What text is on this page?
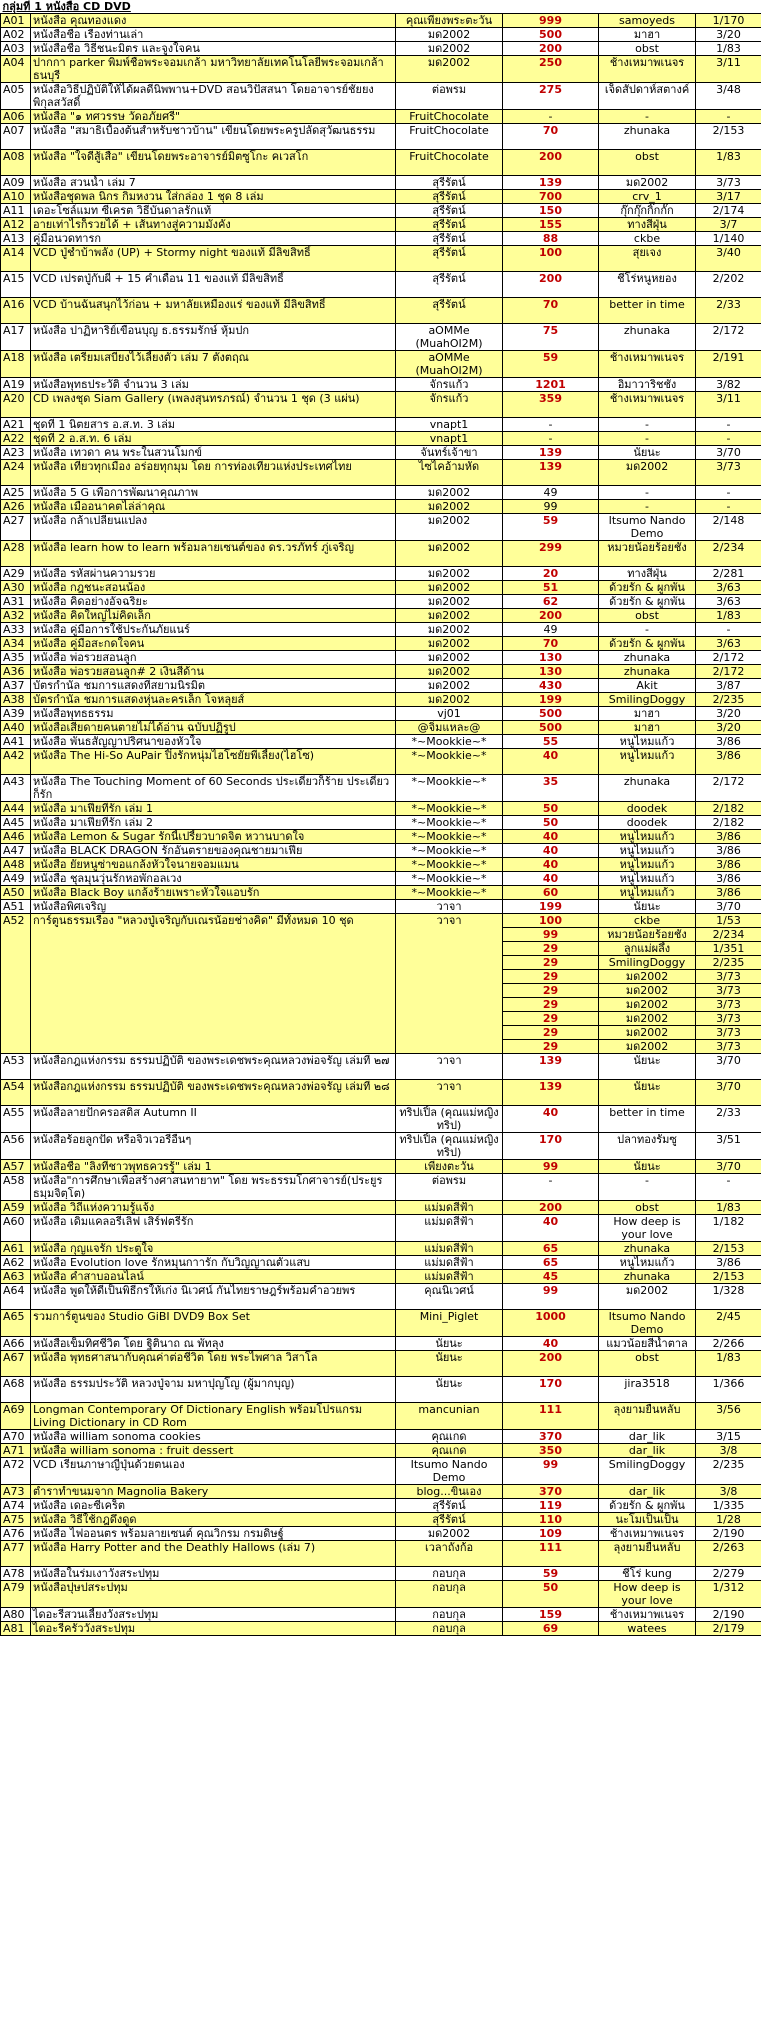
กลุ่มที่ 1 หนังสือ CD DVD					
A01	หนังสือ คุณทองแดง	คุณเพียงพระตะวัน	999	samoyeds	1/170
A02	หนังสือชื่อ เรื่องท่านเล่า	มด2002	500	มาฮา	3/20
A03	หนังสือชื่อ วิธีชนะมิตร และจูงใจคน	มด2002	200	obst	1/83
A04	ปากกา parker พิมพ์ชื่อพระจอมเกล้า มหาวิทยาลัยเทคโนโลยีพระจอมเกล้าธนบุรี	มด2002	250	ช้างเหมาพเนจร	3/11
A05	หนังสือวิธีปฏิบัติให้ได้ผลดีนิพพาน+DVD สอนวิปัสสนา โดยอาจารย์ชัยยง พิกุลสวัสดิ์	ต่อพรม	275	เจ็ดสัปดาห์สตางค์	3/48
A06	หนังสือ "๑ ทศวรรษ วัดอภัยศรี"	FruitChocolate	-	-	-
A07	หนังสือ "สมาธิเบื้องต้นสำหรับชาวบ้าน" เขียนโดยพระครูปลัดสุวัฒนธรรม	FruitChocolate	70	zhunaka	2/153
A08	หนังสือ "ใจดีสู้เสือ" เขียนโดยพระอาจารย์มิตซูโกะ คเวสโก	FruitChocolate	200	obst	1/83
A09	หนังสือ สวนน้ำ เล่ม 7	สุรีรัตน์	139	มด2002	3/73
A10	หนังสือชุดพล นิกร กิมหงวน ใส่กล่อง 1 ชุด 8 เล่ม	สุรีรัตน์	700	crv_1	3/17
A11	เดอะโซล์แมท ซีเครต วิธีบันดาลรักแท้	สุรีรัตน์	150	กุ๊กกุ๊กกิ๊กกั๊ก	2/174
A12	อายเท่าไรก็รวยได้ + เส้นทางสู่ความมั่งคั่ง	สุรีรัตน์	155	ทางสีฝุ่น	3/7
A13	คู่มือนวดทารก	สุรีรัตน์	88	ckbe	1/140
A14	VCD ปู่ชำบ้าพลัง (UP) + Stormy night ของแท้ มีลิขสิทธิ์	สุรีรัตน์	100	สุยเจง	3/40
A15	VCD เปรตปู่กับผี + 15 ค่ำเดือน 11 ของแท้ มีลิขสิทธิ์	สุรีรัตน์	200	ชีโร่หนูหยอง	2/202
A16	VCD บ้านฉันสนุกไว้ก่อน + มหาลัยเหมืองแร่ ของแท้ มีลิขสิทธิ์	สุรีรัตน์	70	better in time	2/33
A17	หนังสือ ปาฏิหาริย์เขื่อนบุญ ธ.ธรรมรักษ์ หุ้มปก	aOMMe (MuahOI2M)	75	zhunaka	2/172
A18	หนังสือ เตรียมเสบียงไว้เลี้ยงตัว เล่ม 7 ตังตฤณ	aOMMe (MuahOI2M)	59	ช้างเหมาพเนจร	2/191
A19	หนังสือพุทธประวัติ จำนวน 3 เล่ม	จักรแก้ว	1201	อิมาวาริชชัง	3/82
A20	CD เพลงชุด Siam Gallery (เพลงสุนทรภรณ์) จำนวน 1 ชุด (3 แผ่น)	จักรแก้ว	359	ช้างเหมาพเนจร	3/11
A21	ชุดที่ 1 นิตยสาร อ.ส.ท. 3 เล่ม	vnapt1	-	-	-
A22	ชุดที่ 2 อ.ส.ท. 6 เล่ม	vnapt1	-	-	-
A23	หนังสือ เทวดา คน พระในสวนโมกข์	จันทร์เจ้าขา	139	นัยนะ	3/70
A24	หนังสือ เที่ยวทุกเมือง อร่อยทุกมุม โดย การท่องเที่ยวแห่งประเทศไทย	ไซไคอ้ามหัด	139	มด2002	3/73
A25	หนังสือ 5 G เพื่อการพัฒนาคุณภาพ	มด2002	49	-	-
A26	หนังสือ เมื่ออนาคตไล่ล่าคุณ	มด2002	99	-	-
A27	หนังสือ กล้าเปลี่ยนแปลง	มด2002	59	Itsumo Nando Demo	2/148
A28	หนังสือ learn how to learn พร้อมลายเซนต์ของ ดร.วรภัทร์ ภู่เจริญ	มด2002	299	หมวยน้อยร้อยชั่ง	2/234
A29	หนังสือ รหัสผ่านความรวย	มด2002	20	ทางสีฝุ่น	2/281
A30	หนังสือ กฎชนะสอนน้อง	มด2002	51	ด้วยรัก & ผูกพัน	3/63
A31	หนังสือ คิดอย่างอัจฉริยะ	มด2002	62	ด้วยรัก & ผูกพัน	3/63
A32	หนังสือ คิดใหญ่ไม่คิดเล็ก	มด2002	200	obst	1/83
A33	หนังสือ คู่มือการใช้ประกันภัยแนร์	มด2002	49	-	-
A34	หนังสือ คู่มือสะกดใจคน	มด2002	70	ด้วยรัก & ผูกพัน	3/63
A35	หนังสือ พ่อรวยสอนลูก	มด2002	130	zhunaka	2/172
A36	หนังสือ พ่อรวยสอนลูก# 2 เงินสี่ด้าน	มด2002	130	zhunaka	2/172
A37	บัตรกำนัล ชมการแสดงที่สยามนิรมิต	มด2002	430	Akit	3/87
A38	บัตรกำนัล ชมการแสดงหุ่นละครเล็ก โจหลุยส์	มด2002	199	SmilingDoggy	2/235
A39	หนังสือพุทธธรรม	vj01	500	มาฮา	3/20
A40	หนังสือเสียดายคนตายไม่ได้อ่าน ฉบับปฏิรูป	@จิ๋มแหละ@	500	มาฮา	3/20
A41	หนังสือ พันธสัญญาปริศนาของหัวใจ	*~Mookkie~*	55	หนูไหมแก้ว	3/86
A42	หนังสือ The Hi-So AuPair ปิ๊งรักหนุ่มไฮโซยัยพี่เลี้ยง(ไฮโซ)	*~Mookkie~*	40	หนูไหมแก้ว	3/86
A43	หนังสือ The Touching Moment of 60 Seconds ประเดี๋ยวก็ร้าย ประเดี๋ยวก็รัก	*~Mookkie~*	35	zhunaka	2/172
A44	หนังสือ มาเฟียที่รัก เล่ม 1	*~Mookkie~*	50	doodek	2/182
A45	หนังสือ มาเฟียที่รัก เล่ม 2	*~Mookkie~*	50	doodek	2/182
A46	หนังสือ Lemon & Sugar รักนี้เปรี้ยวบาดจิต หวานบาดใจ	*~Mookkie~*	40	หนูไหมแก้ว	3/86
A47	หนังสือ BLACK DRAGON รักอันตรายของคุณชายมาเฟีย	*~Mookkie~*	40	หนูไหมแก้ว	3/86
A48	หนังสือ ยัยหนูซ่าขอแกล้งหัวใจนายจอมแมน	*~Mookkie~*	40	หนูไหมแก้ว	3/86
A49	หนังสือ ชุลมุนวุ่นรักหอพักอลเวง	*~Mookkie~*	40	หนูไหมแก้ว	3/86
A50	หนังสือ Black Boy แกล้งร้ายเพราะหัวใจแอบรัก	*~Mookkie~*	60	หนูไหมแก้ว	3/86
A51	หนังสือพิศเจริญ	วาจา	199	นัยนะ	3/70
A52	การ์ตูนธรรมเรื่อง "หลวงปู่เจริญกับเณรน้อยช่างคิด" มีทั้งหมด 10 ชุด	วาจา	100	ckbe	1/53
			99	หมวยน้อยร้อยชั่ง	2/234
			29	ลูกแม่ผลึ้ง	1/351
			29	SmilingDoggy	2/235
			29	มด2002	3/73
			29	มด2002	3/73
			29	มด2002	3/73
			29	มด2002	3/73
			29	มด2002	3/73
			29	มด2002	3/73
A53	หนังสือกฎแห่งกรรม ธรรมปฏิบัติ ของพระเดชพระคุณหลวงพ่อจรัญ เล่มที่ ๒๗	วาจา	139	นัยนะ	3/70
A54	หนังสือกฎแห่งกรรม ธรรมปฏิบัติ ของพระเดชพระคุณหลวงพ่อจรัญ เล่มที่ ๒๘	วาจา	139	นัยนะ	3/70
A55	หนังสือลายปักครอสติส Autumn II	ทริปเปิ้ล (คุณแม่หญิงทริป)	40	better in time	2/33
A56	หนังสือร้อยลูกปัด หรือจิวเวอรี่อื่นๆ	ทริปเปิ้ล (คุณแม่หญิงทริป)	170	ปลาทองรัมซู	3/51
A57	หนังสือชื่อ "ลิงที่ชาวพุทธควรรู้" เล่ม 1	เพียงตะวัน	99	นัยนะ	3/70
A58	หนังสือ"การศึกษาเพื่อสร้างศาสนทายาท" โดย พระธรรมโกศาจารย์(ประยูร ธมฺมจิตฺโต)	ต่อพรม	-	-	-
A59	หนังสือ วิถีแห่งความรู้แจ้ง	แม่มดสีฟ้า	200	obst	1/83
A60	หนังสือ เดิมแคลอรี่เลิฟ เสิร์ฟตรีรัก	แม่มดสีฟ้า	40	How deep is your love	1/182
A61	หนังสือ กุญแจรัก ประตูใจ	แม่มดสีฟ้า	65	zhunaka	2/153
A62	หนังสือ Evolution love รักหมุนกาารัก กับวิญญาณตัวแสบ	แม่มดสีฟ้า	65	หนูไหมแก้ว	3/86
A63	หนังสือ คำสาบออนไลน์	แม่มดสีฟ้า	45	zhunaka	2/153
A64	หนังสือ พูดให้ดีเป็นพิธีกรให้เก่ง นิเวศน์ กันไทยราษฎร์พร้อมคำอวยพร	คุณนิเวศน์	99	มด2002	1/328
A65	รวมการ์ตูนของ Studio GiBI DVD9 Box Set	Mini_Piglet	1000	Itsumo Nando Demo	2/45
A66	หนังสือเข็มทิศชีวิต โดย ฐิตินาถ ณ พัทลุง	นัยนะ	40	แมวน้อยสีน้ำตาล	2/266
A67	หนังสือ พุทธศาสนากับคุณค่าต่อชีวิต โดย พระไพศาล วิสาโล	นัยนะ	200	obst	1/83
A68	หนังสือ ธรรมประวัติ หลวงปู่จาม มหาปุญโญ (ผู้มากบุญ)	นัยนะ	170	jira3518	1/366
A69	Longman Contemporary Of Dictionary English พร้อมโปรแกรม Living Dictionary in CD Rom	mancunian	111	ลุงยามยืนหลับ	3/56
A70	หนังสือ william sonoma cookies	คุณเกด	370	dar_lik	3/15
A71	หนังสือ william sonoma : fruit dessert	คุณเกด	350	dar_lik	3/8
A72	VCD เรียนภาษาญี่ปุ่นด้วยตนเอง	Itsumo Nando Demo	99	SmilingDoggy	2/235
A73	ตำราทำขนมจาก Magnolia Bakery	blog...ขิ่นเอง	370	dar_lik	3/8
A74	หนังสือ เดอะซีเคร็ต	สุรีรัตน์	119	ด้วยรัก & ผูกพัน	1/335
A75	หนังสือ วิธีใช้กฎดึงดูด	สุรีรัตน์	110	นะโมเป็นเป็น	1/28
A76	หนังสือ ไฟออนตร พร้อมลายเซนต์ คุณวิกรม กรมดิษฐ์	มด2002	109	ช้างเหมาพเนจร	2/190
A77	หนังสือ Harry Potter and the Deathly Hallows (เล่ม 7)	เวลาถังก้อ	111	ลุงยามยืนหลับ	2/263
A78	หนังสือในร่มเงาวังสระปทุม	กอบกุล	59	ชีโร่ kung	2/279
A79	หนังสือปุษปสระปทุม	กอบกุล	50	How deep is your love	1/312
A80	ไดอะรี่สวนเลี้ยงวังสระปทุม	กอบกุล	159	ช้างเหมาพเนจร	2/190
A81	ไดอะรี่ครัววังสระปทุม	กอบกุล	69	watees	2/179
